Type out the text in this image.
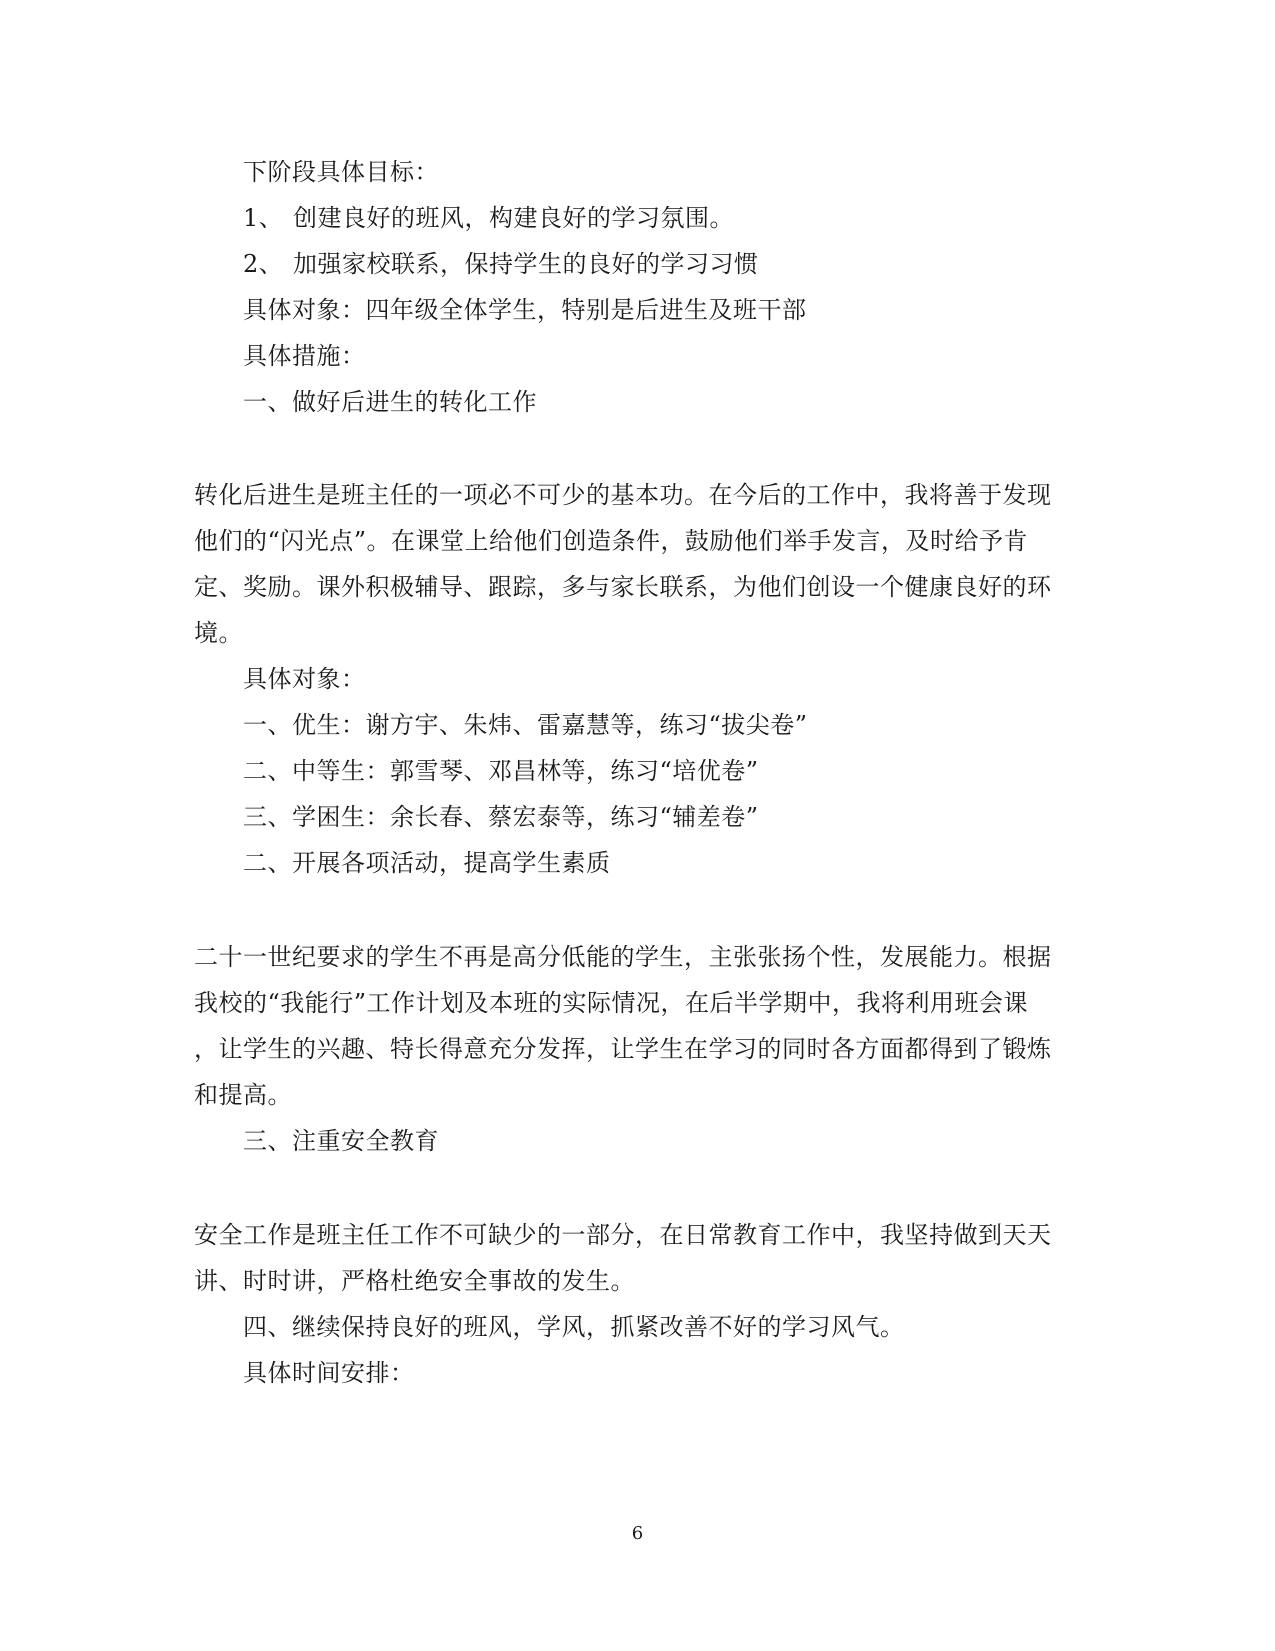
下阶段具体目标：
1、 创建良好的班风，构建良好的学习氛围。
2、 加强家校联系，保持学生的良好的学习习惯
具体对象：四年级全体学生，特别是后进生及班干部
具体措施：
一、做好后进生的转化工作
转化后进生是班主任的一项必不可少的基本功。在今后的工作中，我将善于发现
他们的“闪光点”。在课堂上给他们创造条件，鼓励他们举手发言，及时给予肯
定、奖励。课外积极辅导、跟踪，多与家长联系，为他们创设一个健康良好的环
境。
具体对象：
一、优生：谢方宇、朱炜、雷嘉慧等，练习“拔尖卷”
二、中等生：郭雪琴、邓昌林等，练习“培优卷”
三、学困生：余长春、蔡宏泰等，练习“辅差卷”
二、开展各项活动，提高学生素质
二十一世纪要求的学生不再是高分低能的学生，主张张扬个性，发展能力。根据
我校的“我能行”工作计划及本班的实际情况，在后半学期中，我将利用班会课
，让学生的兴趣、特长得意充分发挥，让学生在学习的同时各方面都得到了锻炼
和提高。
三、注重安全教育
安全工作是班主任工作不可缺少的一部分，在日常教育工作中，我坚持做到天天
讲、时时讲，严格杜绝安全事故的发生。
四、继续保持良好的班风，学风，抓紧改善不好的学习风气。
具体时间安排：
6
